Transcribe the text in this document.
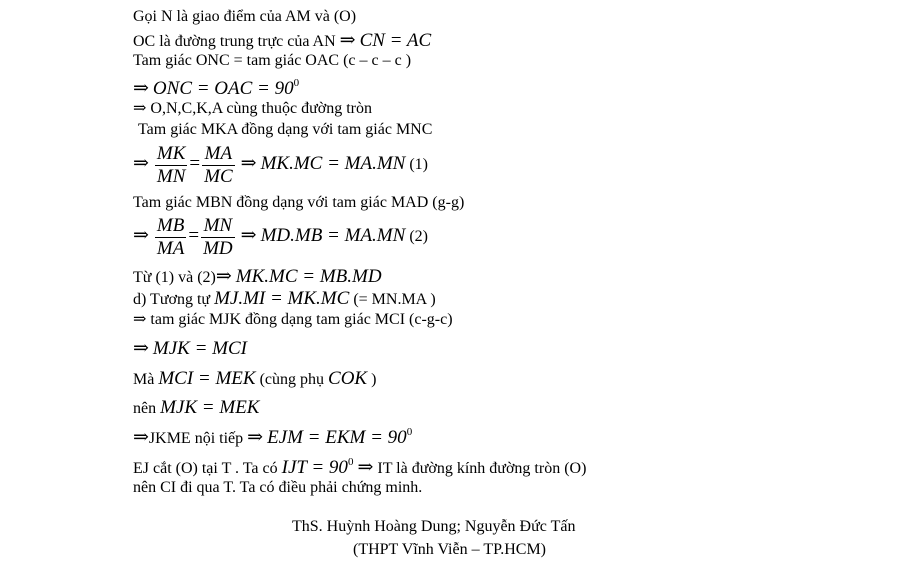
Gọi N là giao điểm của AM và (O)
OC là đường trung trực của AN ⇒ CN = AC
Tam giác ONC = tam giác OAC (c – c – c )
⇒ ONC = OAC = $90^0$
⇒ O,N,C,K,A cùng thuộc đường tròn
Tam giác MKA đồng dạng với tam giác MNC
⇒ $\frac{MK}{MN} = \frac{MA}{MC}$ ⇒ MK.MC = MA.MN (1)
Tam giác MBN đồng dạng với tam giác MAD (g-g)
⇒ $\frac{MB}{MA} = \frac{MN}{MD}$ ⇒ MD.MB = MA.MN (2)
Từ (1) và (2)⇒ MK.MC = MB.MD
d) Tương tự MJ.MI = MK.MC (= MN.MA )
⇒ tam giác MJK đồng dạng tam giác MCI (c-g-c)
⇒ MJK = MCI
Mà MCI = MEK (cùng phụ COK )
nên MJK = MEK
⇒JKME nội tiếp ⇒ EJM = EKM = $90^0$
EJ cắt (O) tại T . Ta có IJT = $90^0$ ⇒ IT là đường kính đường tròn (O)
nên CI đi qua T. Ta có điều phải chứng minh.
ThS. Huỳnh Hoàng Dung; Nguyễn Đức Tấn
(THPT Vĩnh Viễn – TP.HCM)
